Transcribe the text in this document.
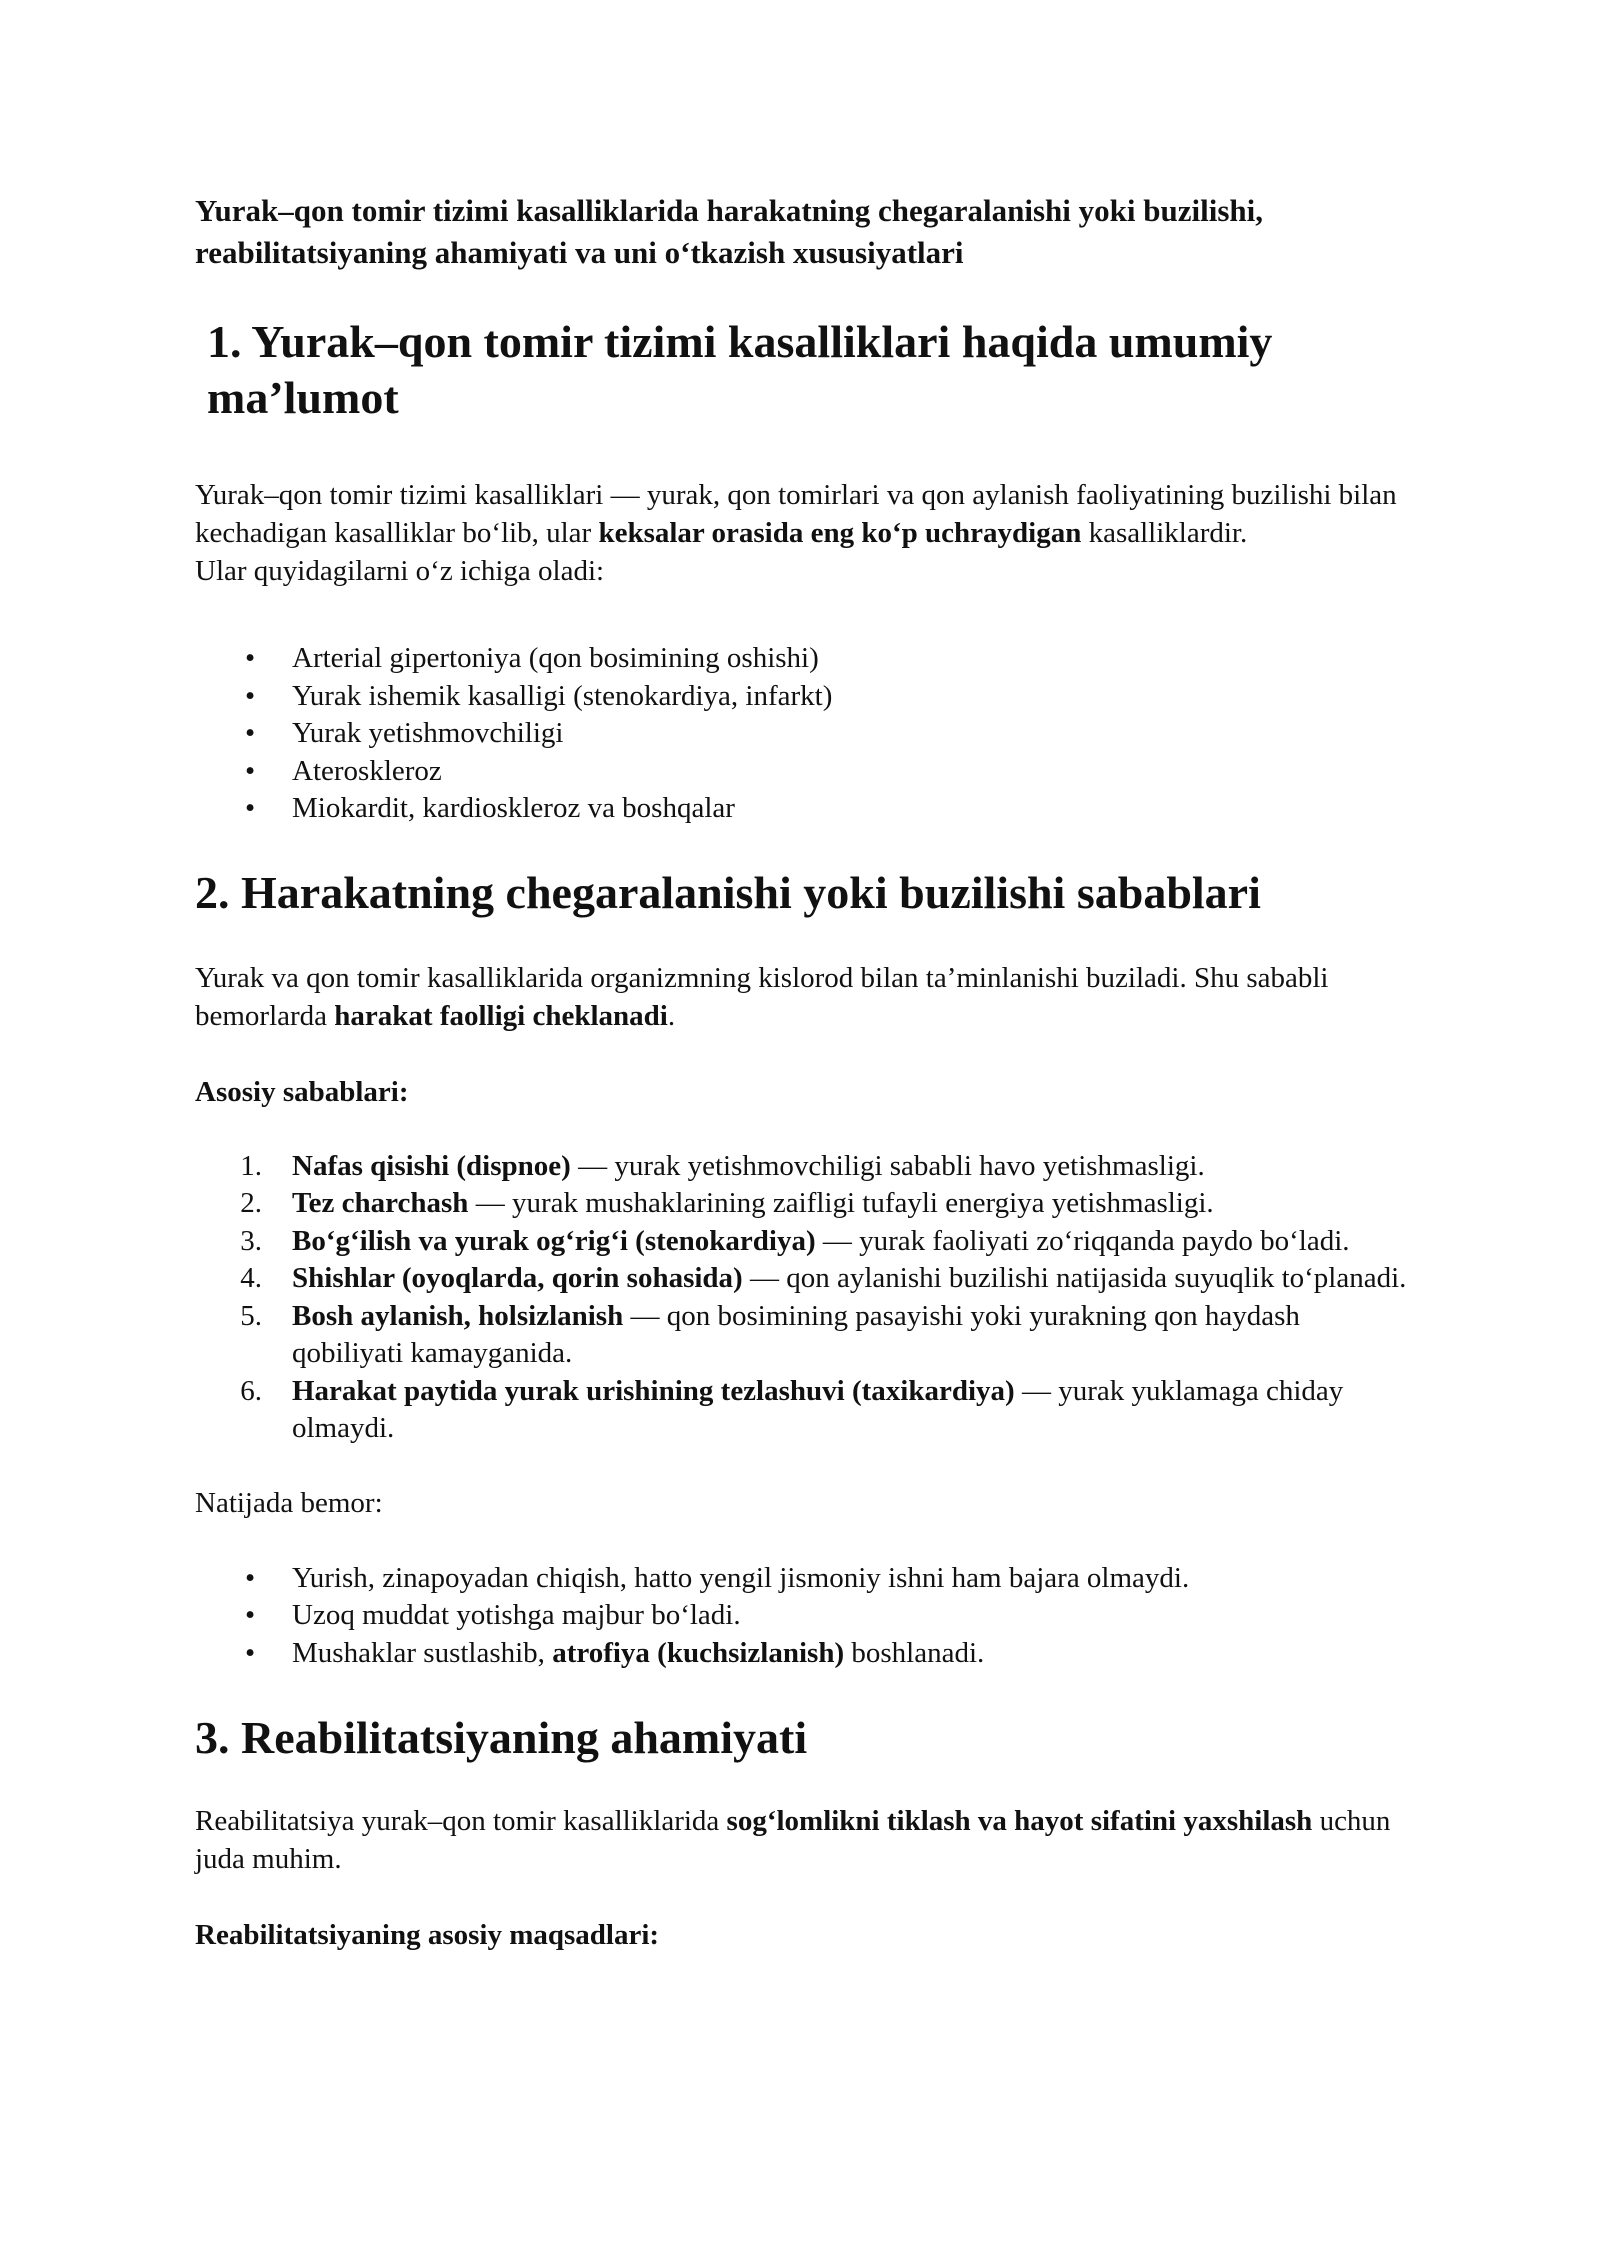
Yurak–qon tomir tizimi kasalliklarida harakatning chegaralanishi yoki buzilishi, reabilitatsiyaning ahamiyati va uni o‘tkazish xususiyatlari

1. Yurak–qon tomir tizimi kasalliklari haqida umumiy ma’lumot

Yurak–qon tomir tizimi kasalliklari — yurak, qon tomirlari va qon aylanish faoliyatining buzilishi bilan kechadigan kasalliklar bo‘lib, ular keksalar orasida eng ko‘p uchraydigan kasalliklardir.
Ular quyidagilarni o‘z ichiga oladi:

• Arterial gipertoniya (qon bosimining oshishi)
• Yurak ishemik kasalligi (stenokardiya, infarkt)
• Yurak yetishmovchiligi
• Ateroskleroz
• Miokardit, kardioskleroz va boshqalar
2. Harakatning chegaralanishi yoki buzilishi sabablari

Yurak va qon tomir kasalliklarida organizmning kislorod bilan ta’minlanishi buziladi. Shu sababli bemorlarda harakat faolligi cheklanadi.

Asosiy sabablari:

1. Nafas qisishi (dispnoe) — yurak yetishmovchiligi sababli havo yetishmasligi.
2. Tez charchash — yurak mushaklarining zaifligi tufayli energiya yetishmasligi.
3. Bo‘g‘ilish va yurak og‘rig‘i (stenokardiya) — yurak faoliyati zo‘riqqanda paydo bo‘ladi.
4. Shishlar (oyoqlarda, qorin sohasida) — qon aylanishi buzilishi natijasida suyuqlik to‘planadi.
5. Bosh aylanish, holsizlanish — qon bosimining pasayishi yoki yurakning qon haydash qobiliyati kamayganida.
6. Harakat paytida yurak urishining tezlashuvi (taxikardiya) — yurak yuklamaga chiday olmaydi.

Natijada bemor:

• Yurish, zinapoyadan chiqish, hatto yengil jismoniy ishni ham bajara olmaydi.
• Uzoq muddat yotishga majbur bo‘ladi.
• Mushaklar sustlashib, atrofiya (kuchsizlanish) boshlanadi.
3. Reabilitatsiyaning ahamiyati

Reabilitatsiya yurak–qon tomir kasalliklarida sog‘lomlikni tiklash va hayot sifatini yaxshilash uchun juda muhim.

Reabilitatsiyaning asosiy maqsadlari:
